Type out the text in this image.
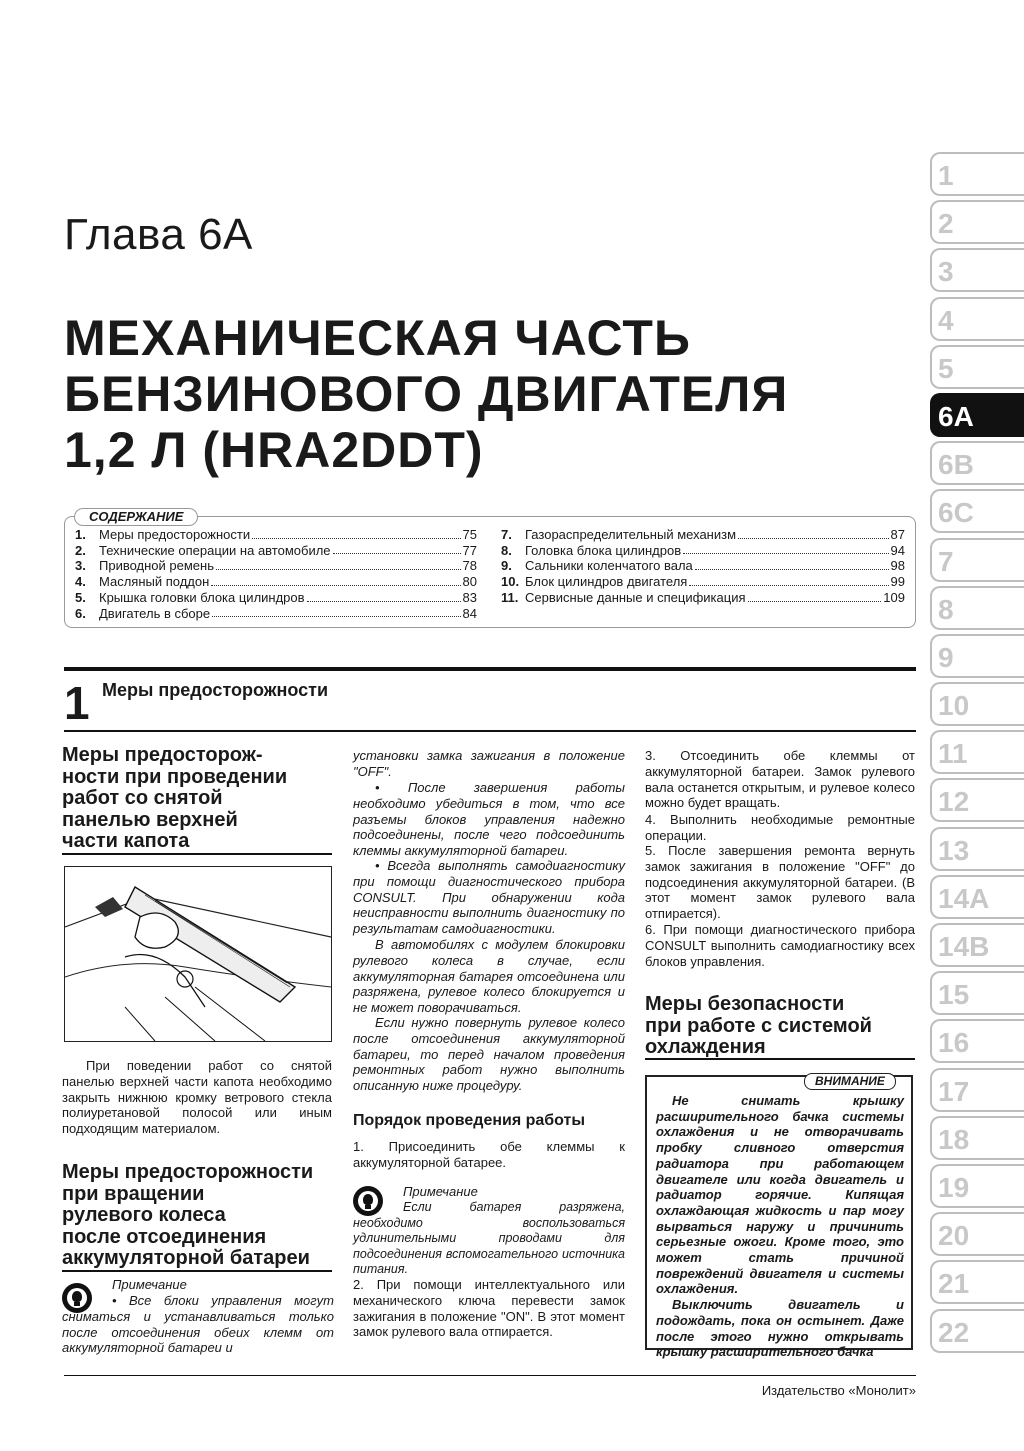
Глава 6А
МЕХАНИЧЕСКАЯ ЧАСТЬ
БЕНЗИНОВОГО ДВИГАТЕЛЯ
1,2 Л (HRA2DDT)
1
2
3
4
5
6A
6B
6C
7
8
9
10
11
12
13
14A
14B
15
16
17
18
19
20
21
22
1.	Меры предосторожности	75
2.	Технические операции на автомобиле	77
3.	Приводной ремень	78
4.	Масляный поддон	80
5.	Крышка головки блока цилиндров	83
6.	Двигатель в сборе	84
7.	Газораспределительный механизм	87
8.	Головка блока цилиндров	94
9.	Сальники коленчатого вала	98
10. Блок цилиндров двигателя	99
11. Сервисные данные и спецификация	109
СОДЕРЖАНИЕ
1 Меры предосторожности
Меры предосторож-
ности при проведении
работ со снятой
панелью верхней
части капота
При поведении работ со снятой панелью верхней части капота необходимо закрыть нижнюю кромку ветрового стекла полиуретановой полосой или иным подходящим материалом.
Меры предосторожности
при вращении
рулевого колеса
после отсоединения
аккумуляторной батареи
Примечание
• Все блоки управления могут сниматься и устанавливаться только после отсоединения обеих клемм от аккумуляторной батареи и
установки замка зажигания в положение "OFF".
• После завершения работы необходимо убедиться в том, что все разъемы блоков управления надежно подсоединены, после чего подсоединить клеммы аккумуляторной батареи.
• Всегда выполнять самодиагностику при помощи диагностического прибора CONSULT. При обнаружении кода неисправности выполнить диагностику по результатам самодиагностики.
В автомобилях с модулем блокировки рулевого колеса в случае, если аккумуляторная батарея отсоединена или разряжена, рулевое колесо блокируется и не может поворачиваться.
Если нужно повернуть рулевое колесо после отсоединения аккумуляторной батареи, то перед началом проведения ремонтных работ нужно выполнить описанную ниже процедуру.
Порядок проведения работы
1. Присоединить обе клеммы к аккумуляторной батарее.
Примечание
Если батарея разряжена, необходимо воспользоваться удлинительными проводами для подсоединения вспомогательного источника питания.
2. При помощи интеллектуального или механического ключа перевести замок зажигания в положение "ON". В этот момент замок рулевого вала отпирается.
3. Отсоединить обе клеммы от аккумуляторной батареи. Замок рулевого вала останется открытым, и рулевое колесо можно будет вращать.
4. Выполнить необходимые ремонтные операции.
5. После завершения ремонта вернуть замок зажигания в положение "OFF" до подсоединения аккумуляторной батареи. (В этот момент замок рулевого вала отпирается).
6. При помощи диагностического прибора CONSULT выполнить самодиагностику всех блоков управления.
Меры безопасности
при работе с системой
охлаждения
ВНИМАНИЕ
Не снимать крышку расширительного бачка системы охлаждения и не отворачивать пробку сливного отверстия радиатора при работающем двигателе или когда двигатель и радиатор горячие. Кипящая охлаждающая жидкость и пар могу вырваться наружу и причинить серьезные ожоги. Кроме того, это может стать причиной повреждений двигателя и системы охлаждения.
Выключить двигатель и подождать, пока он остынет. Даже после этого нужно открывать крышку расширительного бачка
Издательство «Монолит»
